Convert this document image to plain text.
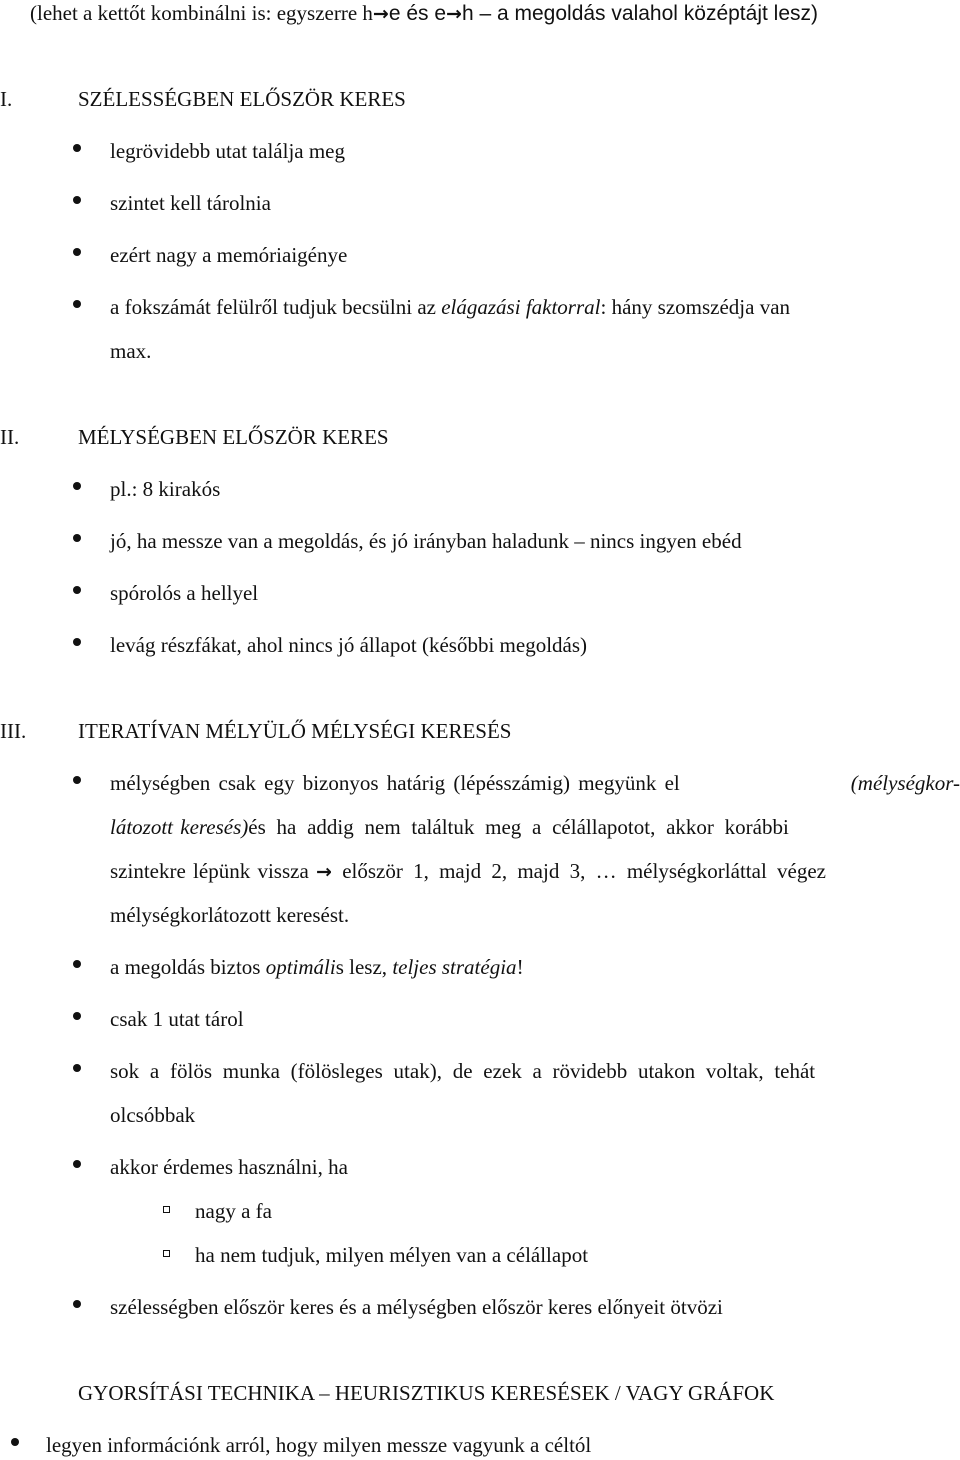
(lehet a kettőt kombinálni is: egyszerre h→e és e→h – a megoldás valahol középtájt lesz)
I.	SZÉLESSÉGBEN ELŐSZÖR KERES
legrövidebb utat találja meg
szintet kell tárolnia
ezért nagy a memóriaigénye
a fokszámát felülről tudjuk becsülni az elágazási faktorral: hány szomszédja van
max.
II.	MÉLYSÉGBEN ELŐSZÖR KERES
pl.: 8 kirakós
jó, ha messze van a megoldás, és jó irányban haladunk – nincs ingyen ebéd
spórolós a hellyel
levág részfákat, ahol nincs jó állapot (későbbi megoldás)
III. ITERATÍVAN MÉLYÜLŐ MÉLYSÉGI KERESÉS
mélységben csak egy bizonyos határig (lépésszámig) megyünk el	(mélységkor-
látozott keresés) és ha addig nem találtuk meg a célállapotot, akkor korábbi
szintekre lépünk vissza → először 1, majd 2, majd 3, … mélységkorláttal végez
mélységkorlátozott keresést.
a megoldás biztos optimális lesz, teljes stratégia!
csak 1 utat tárol
sok a fölös munka (fölösleges utak), de ezek a rövidebb utakon voltak, tehát
olcsóbbak
akkor érdemes használni, ha
nagy a fa
ha nem tudjuk, milyen mélyen van a célállapot
szélességben először keres és a mélységben először keres előnyeit ötvözi
GYORSÍTÁSI TECHNIKA – HEURISZTIKUS KERESÉSEK / VAGY GRÁFOK
legyen információnk arról, hogy milyen messze vagyunk a céltól
